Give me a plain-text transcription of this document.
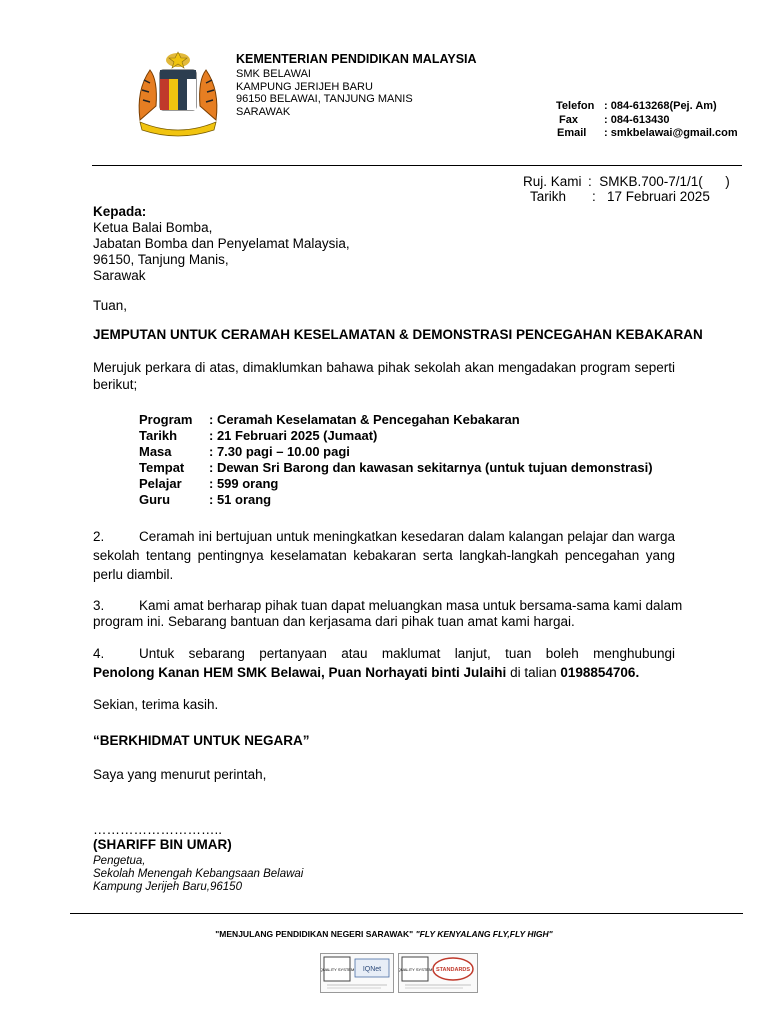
KEMENTERIAN PENDIDIKAN MALAYSIA
SMK BELAWAI
KAMPUNG JERIJEH BARU
96150 BELAWAI, TANJUNG MANIS
SARAWAK	Telefon : 084-613268(Pej. Am)
Fax	: 084-613430
Email	: smkbelawai@gmail.com
Ruj. Kami :  SMKB.700-7/1/1(      )
Tarikh :   17 Februari 2025
Kepada:
Ketua Balai Bomba,
Jabatan Bomba dan Penyelamat Malaysia,
96150, Tanjung Manis,
Sarawak
Tuan,
JEMPUTAN UNTUK CERAMAH KESELAMATAN & DEMONSTRASI PENCEGAHAN KEBAKARAN
Merujuk perkara di atas, dimaklumkan bahawa pihak sekolah akan mengadakan program seperti berikut;
Program	: Ceramah Keselamatan & Pencegahan Kebakaran
Tarikh	: 21 Februari 2025 (Jumaat)
Masa	: 7.30 pagi – 10.00 pagi
Tempat	: Dewan Sri Barong dan kawasan sekitarnya (untuk tujuan demonstrasi)
Pelajar	: 599 orang
Guru	: 51 orang
2.	Ceramah ini bertujuan untuk meningkatkan kesedaran dalam kalangan pelajar dan warga sekolah tentang pentingnya keselamatan kebakaran serta langkah-langkah pencegahan yang perlu diambil.
3.	Kami amat berharap pihak tuan dapat meluangkan masa untuk bersama-sama kami dalam program ini. Sebarang bantuan dan kerjasama dari pihak tuan amat kami hargai.
4.	Untuk sebarang pertanyaan atau maklumat lanjut, tuan boleh menghubungi
Penolong Kanan HEM SMK Belawai, Puan Norhayati binti Julaihi di talian 0198854706.
Sekian, terima kasih.
“BERKHIDMAT UNTUK NEGARA”
Saya yang menurut perintah,
………………………..
(SHARIFF BIN UMAR)
Pengetua,
Sekolah Menengah Kebangsaan Belawai
Kampung Jerijeh Baru,96150
"MENJULANG PENDIDIKAN NEGERI SARAWAK" "FLY KENYALANG FLY,FLY HIGH"
QUALITY SYSTEM IQNet	QUALITY SYSTEM STANDARDS
